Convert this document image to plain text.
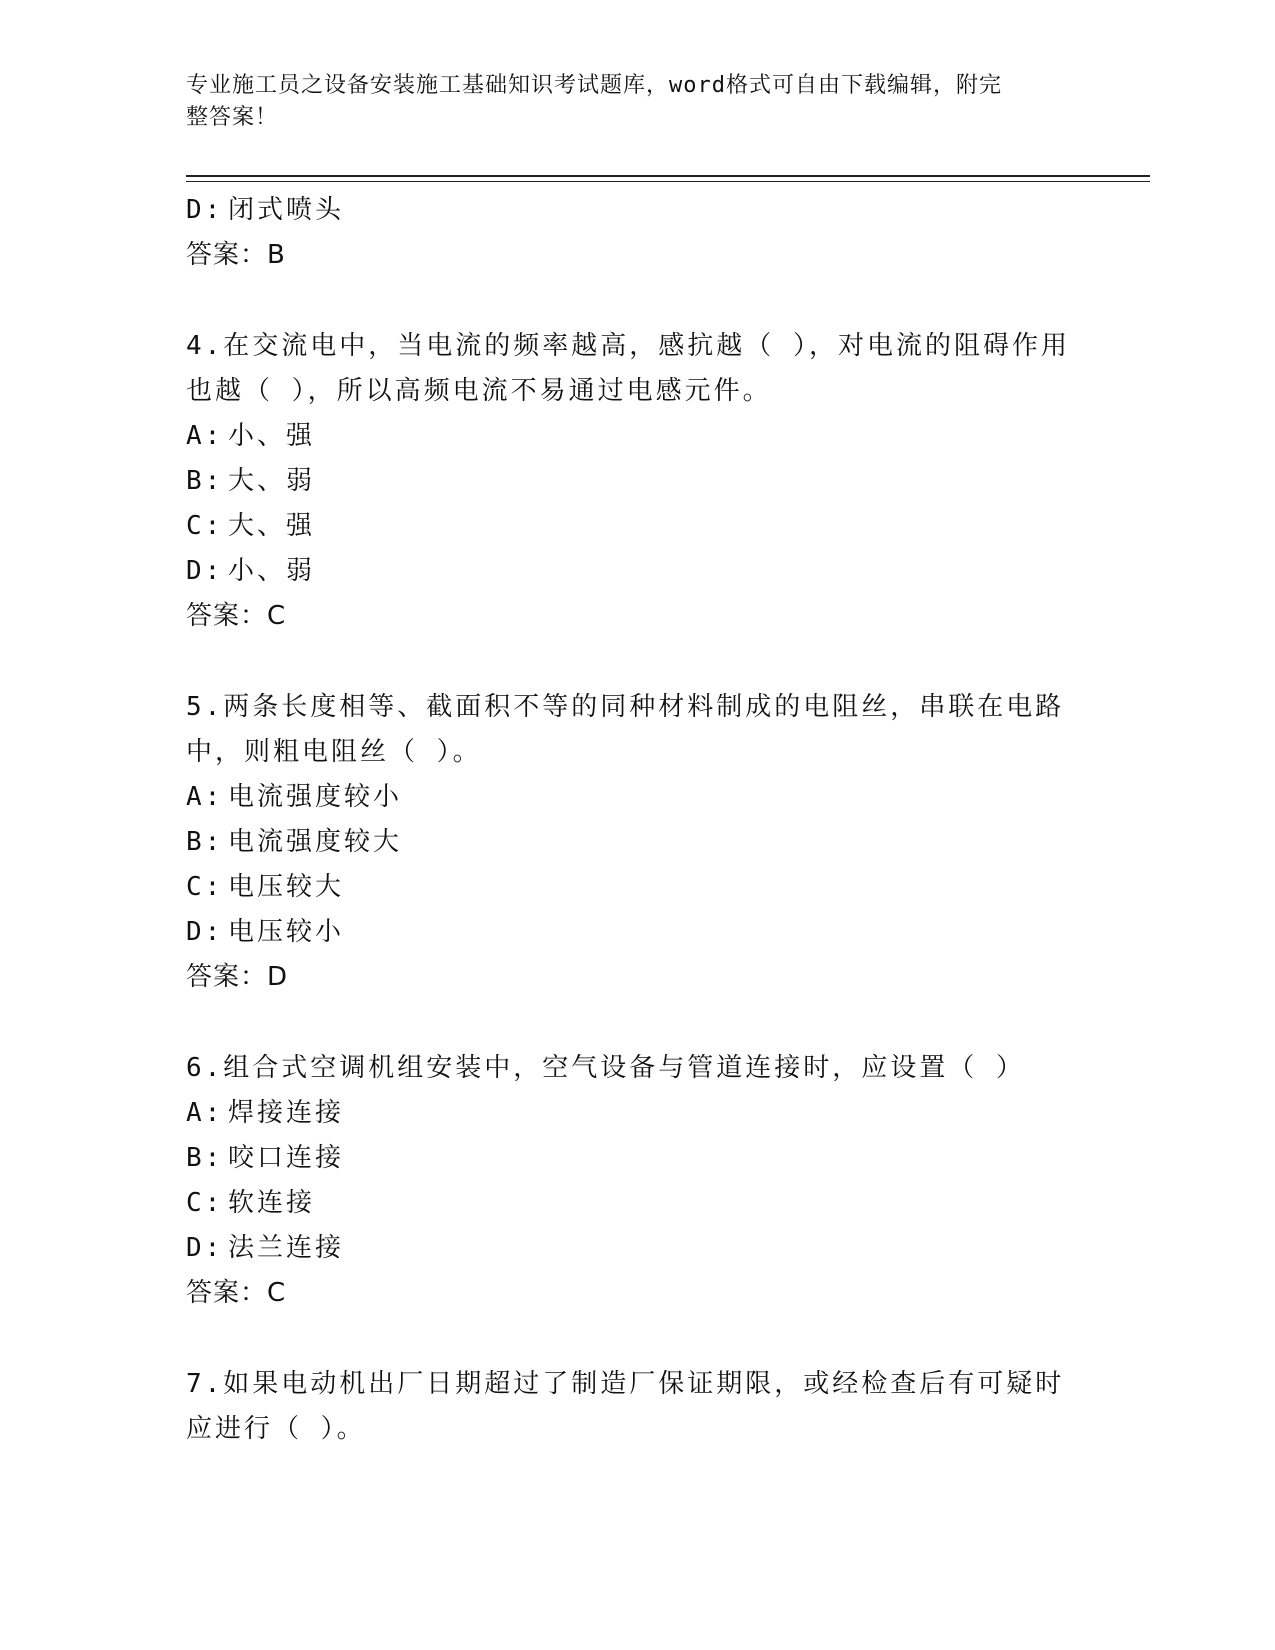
专业施工员之设备安装施工基础知识考试题库，word格式可自由下载编辑，附完
整答案！
D: 闭式喷头
答案：B
4.在交流电中，当电流的频率越高，感抗越（ ），对电流的阻碍作用
也越（ ），所以高频电流不易通过电感元件。
A: 小、强
B: 大、弱
C: 大、强
D: 小、弱
答案：C
5.两条长度相等、截面积不等的同种材料制成的电阻丝，串联在电路
中，则粗电阻丝（ ）。
A: 电流强度较小
B: 电流强度较大
C: 电压较大
D: 电压较小
答案：D
6.组合式空调机组安装中，空气设备与管道连接时，应设置（ ）
A: 焊接连接
B: 咬口连接
C: 软连接
D: 法兰连接
答案：C
7.如果电动机出厂日期超过了制造厂保证期限，或经检查后有可疑时
应进行（ ）。
